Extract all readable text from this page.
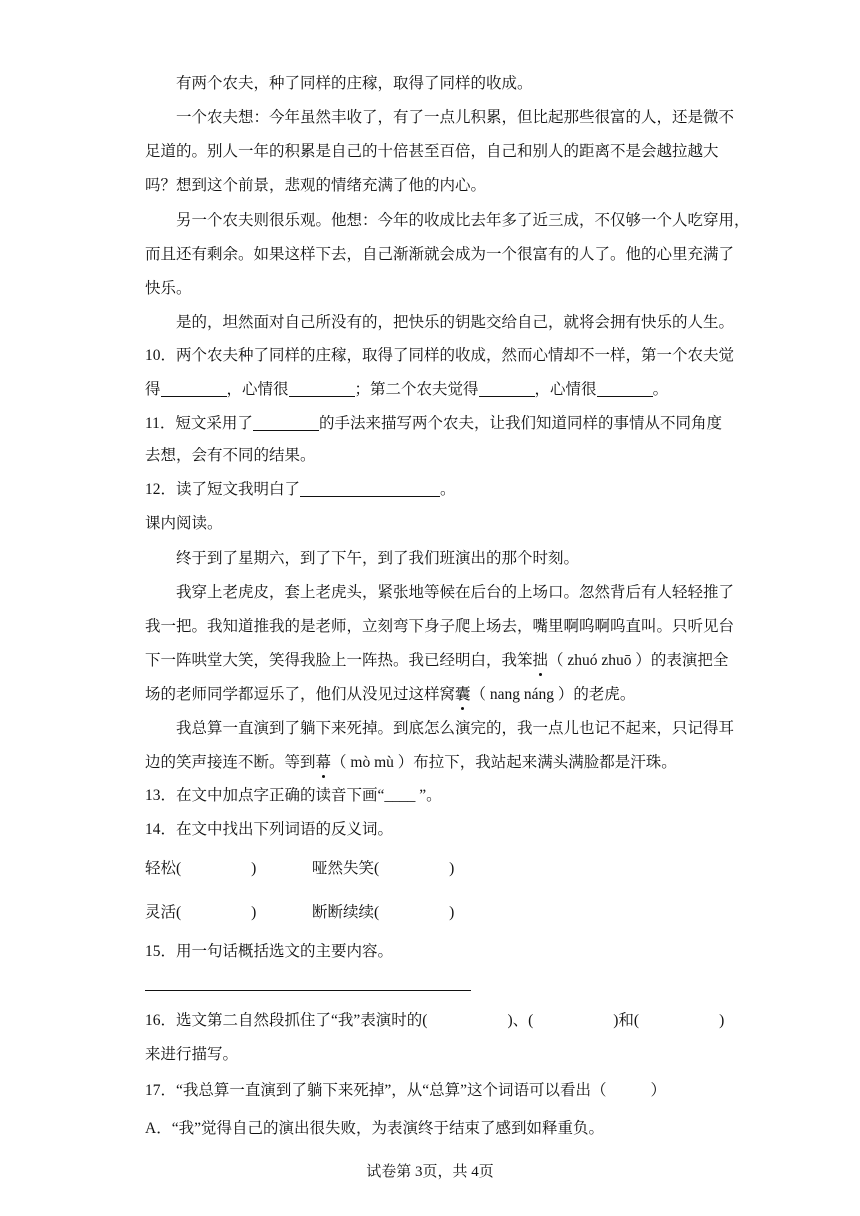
有两个农夫，种了同样的庄稼，取得了同样的收成。
一个农夫想：今年虽然丰收了，有了一点儿积累，但比起那些很富的人，还是微不
足道的。别人一年的积累是自己的十倍甚至百倍，自己和别人的距离不是会越拉越大
吗？想到这个前景，悲观的情绪充满了他的内心。
另一个农夫则很乐观。他想：今年的收成比去年多了近三成，不仅够一个人吃穿用，
而且还有剩余。如果这样下去，自己渐渐就会成为一个很富有的人了。他的心里充满了
快乐。
是的，坦然面对自己所没有的，把快乐的钥匙交给自己，就将会拥有快乐的人生。
10．两个农夫种了同样的庄稼，取得了同样的收成，然而心情却不一样，第一个农夫觉
得	，心情很	；第二个农夫觉得	，心情很	。
11．短文采用了	的手法来描写两个农夫，让我们知道同样的事情从不同角度
去想，会有不同的结果。
12．读了短文我明白了	。
课内阅读。
终于到了星期六，到了下午，到了我们班演出的那个时刻。
我穿上老虎皮，套上老虎头，紧张地等候在后台的上场口。忽然背后有人轻轻推了
我一把。我知道推我的是老师，立刻弯下身子爬上场去，嘴里啊呜啊呜直叫。只听见台
下一阵哄堂大笑，笑得我脸上一阵热。我已经明白，我笨拙（ zhuó zhuō ）的表演把全
场的老师同学都逗乐了，他们从没见过这样窝囊（ nang náng ）的老虎。
我总算一直演到了躺下来死掉。到底怎么演完的，我一点儿也记不起来，只记得耳
边的笑声接连不断。等到幕（ mò mù ）布拉下，我站起来满头满脸都是汗珠。
13．在文中加点字正确的读音下画“____ ”。
14．在文中找出下列词语的反义词。
轻松(	)	哑然失笑(	)
灵活(	)	断断续续(	)
15．用一句话概括选文的主要内容。
16．选文第二自然段抓住了“我”表演时的(	)、(	)和(	)
来进行描写。
17．“我总算一直演到了躺下来死掉”，从“总算”这个词语可以看出（	）
A．“我”觉得自己的演出很失败，为表演终于结束了感到如释重负。
试卷第 3页，共 4页
